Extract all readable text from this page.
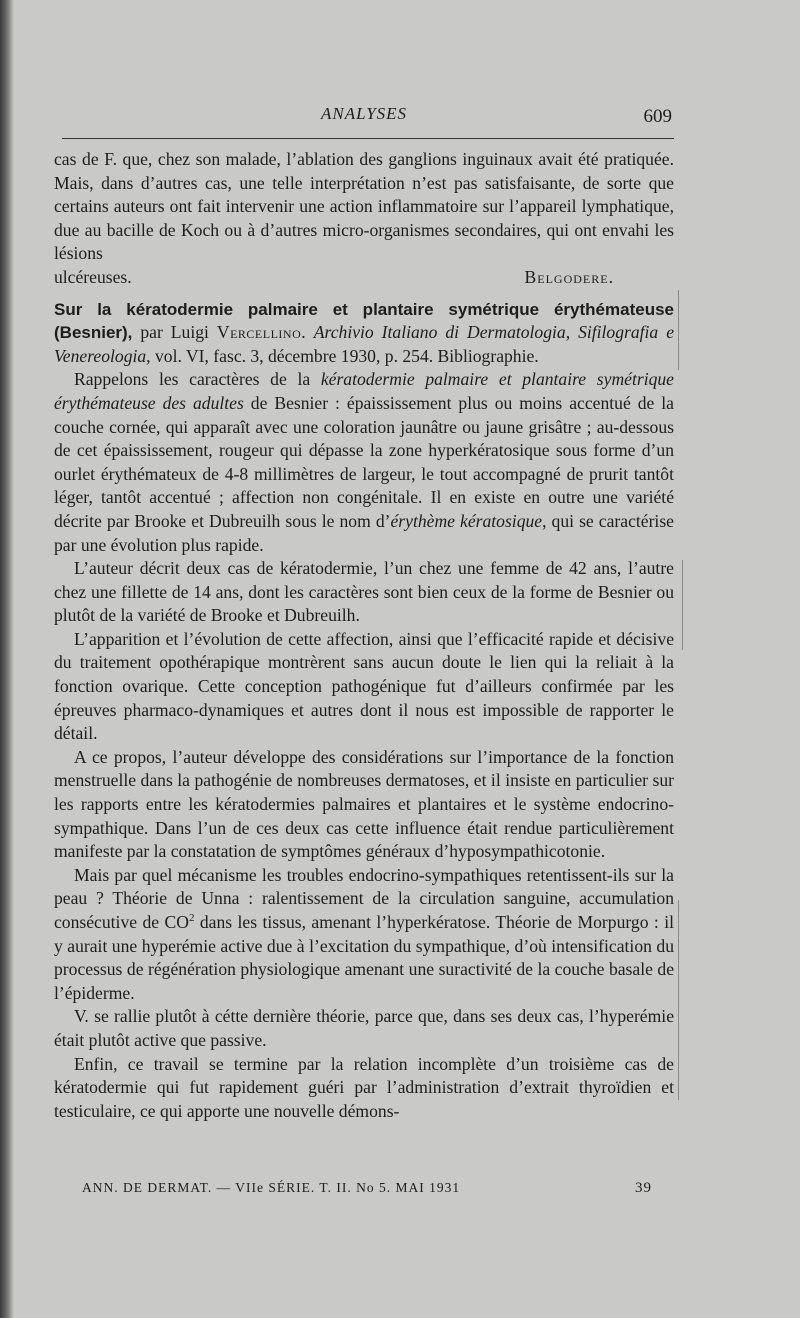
ANALYSES	609

cas de F. que, chez son malade, l’ablation des ganglions inguinaux avait été pratiquée. Mais, dans d’autres cas, une telle interprétation n’est pas satisfaisante, de sorte que certains auteurs ont fait intervenir une action inflammatoire sur l’appareil lymphatique, due au bacille de Koch ou à d’autres micro-organismes secondaires, qui ont envahi les lésions

ulcéreuses.	Belgodere.

Sur la kératodermie palmaire et plantaire symétrique érythémateuse (Besnier), par Luigi Vercellino. Archivio Italiano di Dermatologia, Sifilografia e Venereologia, vol. VI, fasc. 3, décembre 1930, p. 254. Bibliographie.

Rappelons les caractères de la kératodermie palmaire et plantaire symétrique érythémateuse des adultes de Besnier : épaississement plus ou moins accentué de la couche cornée, qui apparaît avec une coloration jaunâtre ou jaune grisâtre ; au-dessous de cet épaississement, rougeur qui dépasse la zone hyperkératosique sous forme d’un ourlet érythémateux de 4-8 millimètres de largeur, le tout accompagné de prurit tantôt léger, tantôt accentué ; affection non congénitale. Il en existe en outre une variété décrite par Brooke et Dubreuilh sous le nom d’érythème kératosique, qui se caractérise par une évolution plus rapide.

L’auteur décrit deux cas de kératodermie, l’un chez une femme de 42 ans, l’autre chez une fillette de 14 ans, dont les caractères sont bien ceux de la forme de Besnier ou plutôt de la variété de Brooke et Dubreuilh.

L’apparition et l’évolution de cette affection, ainsi que l’efficacité rapide et décisive du traitement opothérapique montrèrent sans aucun doute le lien qui la reliait à la fonction ovarique. Cette conception pathogénique fut d’ailleurs confirmée par les épreuves pharmaco-dynamiques et autres dont il nous est impossible de rapporter le détail.

A ce propos, l’auteur développe des considérations sur l’importance de la fonction menstruelle dans la pathogénie de nombreuses dermatoses, et il insiste en particulier sur les rapports entre les kératodermies palmaires et plantaires et le système endocrino-sympathique. Dans l’un de ces deux cas cette influence était rendue particulièrement manifeste par la constatation de symptômes généraux d’hyposympathicotonie.

Mais par quel mécanisme les troubles endocrino-sympathiques retentissent-ils sur la peau ? Théorie de Unna : ralentissement de la circulation sanguine, accumulation consécutive de $CO^2$ dans les tissus, amenant l’hyperkératose. Théorie de Morpurgo : il y aurait une hyperémie active due à l’excitation du sympathique, d’où intensification du processus de régénération physiologique amenant une suractivité de la couche basale de l’épiderme.

V. se rallie plutôt à cétte dernière théorie, parce que, dans ses deux cas, l’hyperémie était plutôt active que passive.

Enfin, ce travail se termine par la relation incomplète d’un troisième cas de kératodermie qui fut rapidement guéri par l’administration d’extrait thyroïdien et testiculaire, ce qui apporte une nouvelle démons-

ANN. DE DERMAT. — VIIe SÉRIE. T. II. No 5. MAI 1931	39
